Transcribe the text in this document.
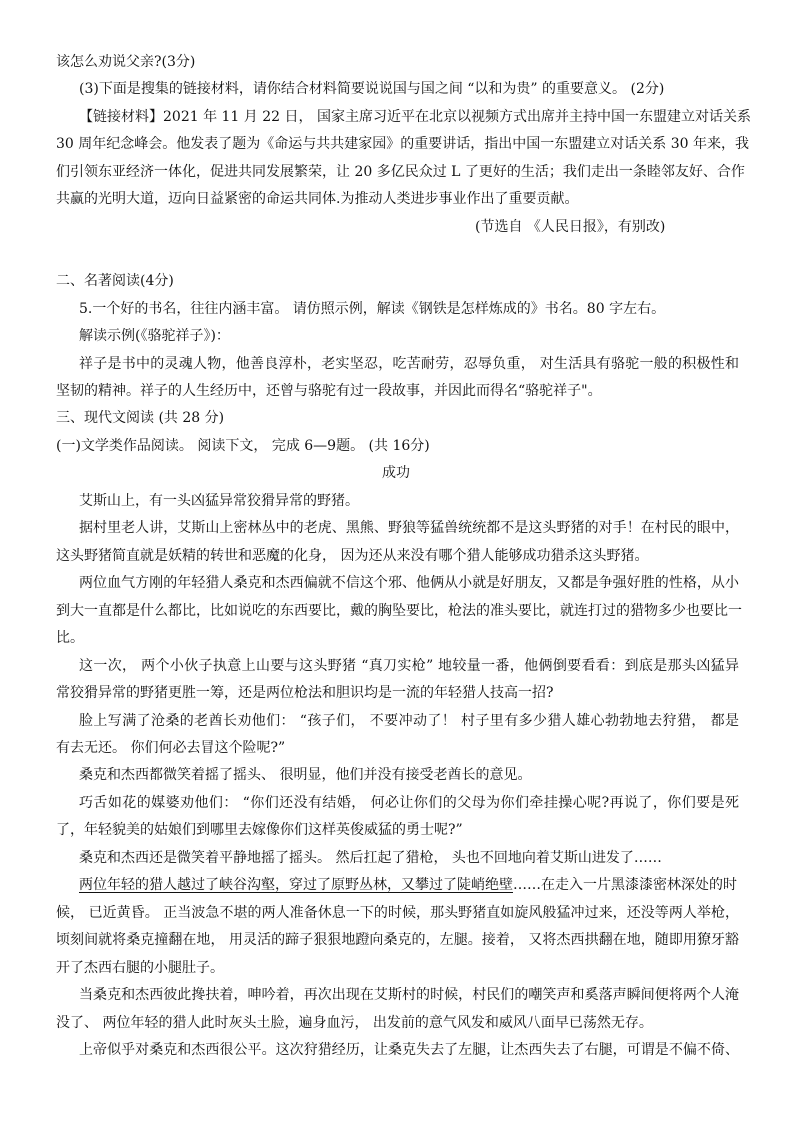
该怎么劝说父亲?(3分)
(3)下面是搜集的链接材料，请你结合材料简要说说国与国之间 “以和为贵” 的重要意义。 (2分)
【链接材料】2021 年 11 月 22 日， 国家主席习近平在北京以视频方式出席并主持中国一东盟建立对话关系
30 周年纪念峰会。他发表了题为《命运与共共建家园》的重要讲话，指出中国一东盟建立对话关系 30 年来，我
们引领东亚经济一体化，促进共同发展繁荣，让 20 多亿民众过 L 了更好的生活；我们走出一条睦邻友好、合作
共赢的光明大道，迈向日益紧密的命运共同体.为推动人类进步事业作出了重要贡献。
(节选自 《人民日报》，有别改)
二、名著阅读(4分)
5.一个好的书名，往往内涵丰富。 请仿照示例，解读《钢铁是怎样炼成的》书名。80 字左右。
解读示例(《骆驼祥子》)：
祥子是书中的灵魂人物，他善良淳朴，老实坚忍，吃苦耐劳，忍辱负重， 对生活具有骆驼一般的积极性和
坚韧的精神。祥子的人生经历中，还曾与骆驼有过一段故事，并因此而得名“骆驼祥子"。
三、现代文阅读 (共 28 分)
(一)文学类作品阅读。 阅读下文， 完成 6—9题。 (共 16分)
成功
艾斯山上，有一头凶猛异常狡猾异常的野猪。
据村里老人讲，艾斯山上密林丛中的老虎、黑熊、野狼等猛兽统统都不是这头野猪的对手！在村民的眼中，
这头野猪简直就是妖精的转世和恶魔的化身， 因为还从来没有哪个猎人能够成功猎杀这头野猪。
两位血气方刚的年轻猎人桑克和杰西偏就不信这个邪、他俩从小就是好朋友，又都是争强好胜的性格，从小
到大一直都是什么都比，比如说吃的东西要比，戴的胸坠要比，枪法的准头要比，就连打过的猎物多少也要比一
比。
这一次， 两个小伙子执意上山要与这头野猪 “真刀实枪” 地较量一番，他俩倒要看看：到底是那头凶猛异
常狡猾异常的野猪更胜一筹，还是两位枪法和胆识均是一流的年轻猎人技高一招?
脸上写满了沧桑的老酋长劝他们： “孩子们， 不要冲动了！ 村子里有多少猎人雄心勃勃地去狩猎， 都是
有去无还。 你们何必去冒这个险呢?”
桑克和杰西都微笑着摇了摇头、 很明显，他们并没有接受老酋长的意见。
巧舌如花的媒婆劝他们： “你们还没有结婚， 何必让你们的父母为你们牵挂操心呢?再说了，你们要是死
了，年轻貌美的姑娘们到哪里去嫁像你们这样英俊威猛的勇士呢?”
桑克和杰西还是微笑着平静地摇了摇头。 然后扛起了猎枪， 头也不回地向着艾斯山进发了……
两位年轻的猎人越过了峡谷沟壑，穿过了原野丛林，又攀过了陡峭绝壁……在走入一片黑漆漆密林深处的时
候， 已近黄昏。 正当波急不堪的两人准备休息一下的时候，那头野猪直如旋风般猛冲过来，还没等两人举枪，
顷刻间就将桑克撞翻在地， 用灵活的蹄子狠狠地蹬向桑克的，左腿。接着， 又将杰西拱翻在地，随即用獠牙豁
开了杰西右腿的小腿肚子。
当桑克和杰西彼此搀扶着，呻吟着，再次出现在艾斯村的时候，村民们的嘲笑声和奚落声瞬间便将两个人淹
没了、 两位年轻的猎人此时灰头土脸，遍身血污， 出发前的意气风发和威风八面早已荡然无存。
上帝似乎对桑克和杰西很公平。这次狩猎经历，让桑克失去了左腿，让杰西失去了右腿，可谓是不偏不倚、
